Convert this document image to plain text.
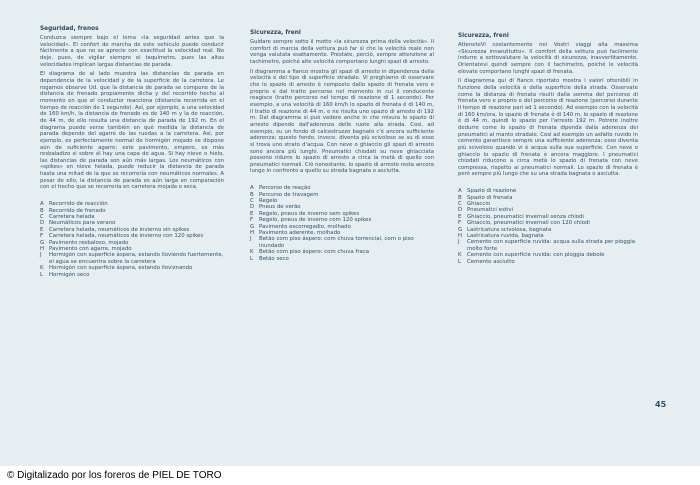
Seguridad, frenos

Conduzca siempre bajo el lema «la seguridad antes que la velocidad». El confort de marcha de este vehículo puede conducir fácilmente a que no se aprecie con exactitud la velocidad real. No deje, pues, de vigilar siempre el taquímetro, pues las altas velocidades implican largas distancias de parada.

El diagrama de al lado muestra las distancias de parada en dependencia de la velocidad y de la superficie de la carretera. Le rogamos observe Ud. que la distancia de parada se compone de la distancia de frenado propiamente dicha y del recorrido hecho al momento en que el conductor reacciona (distancia recorrida en el tiempo de reacción de 1 segundo). Así, por ejemplo, a una velocidad de 160 km/h, la distancia de frenado es de 140 m y la de reacción, de 44 m, de ello resulta una distancia de parada de 192 m. En el diagrama puede verse también en qué medida la distancia de parada depende del agarre de las ruedas a la carretera. Así, por ejemplo, es perfectamente normal de hormigón mojado se dispone aún de suficiente agarre; este pavimento, empero, es más resbaladizo si sobre él hay una capa de agua. Si hay nieve o hielo, las distancias de parada son aún más largas. Los neumáticos con «spikes» en nieve helada, puede reducir la distancia de parada hasta una mitad de la que se recorrería con neumáticos normales. A pesar de ello, la distancia de parada es aún larga en comparación con el trecho que se recorrería en carretera mojada o seca.

A Recorrido de reacción
B Recorrido de frenado
C Carretera helada
D Neumáticos para verano
E Carretera helada, neumáticos de invierno sin spikes
F Carretera helada, neumáticos de invierno con 120 spikes
G Pavimento resbaloso, mojado
H Pavimento con agarre, mojado
J Hormigón con superficie áspera, estando lloviendo fuertemente, el agua se encuentra sobre la carretera
K Hormigón con superficie áspera, estando lloviznando
L Hormigón seco
Sicurezza, freni

Guidare sempre sotto il motto «la sicurezza prima della velocità». Il comfort di marcia della vettura può far sì che la velocità reale non venga valutata esattamente. Prestate, perciò, sempre attenzione al tachimetro, poiché alte velocità comportano lunghi spazi di arresto.

Il diagramma a fianco mostra gli spazi di arresto in dipendenza della velocità e del tipo di superficie stradale. Vi preghiamo di osservare che lo spazio di arresto è composto dallo spazio di frenata vero e proprio e dal tratto percorso nel momento in cui il conducente reagisce (tratto percorso nel tempo di reazione di 1 secondo). Per esempio, a una velocità di 160 km/h lo spazio di frenata è di 140 m, il tratto di reazione di 44 m, e ne risulta uno spazio di arresto di 192 m. Dal diagramma si può vedere anche in che misura lo spazio di arresto dipende dall'aderenza delle ruote alla strada. Così, ad esempio, su un fondo di calcestruzzo bagnato c'è ancora sufficiente aderenza; questo fondo, invece, diventa più scivoloso se su di esso si trova uno strato d'acqua. Con neve o ghiaccio gli spazi di arresto sono ancora più lunghi. Pneumatici chiodati su neve ghiacciata possono ridurre lo spazio di arresto a circa la metà di quello con pneumatici normali. Ciò nonostante, lo spazio di arresto resta ancora lungo in confronto a quello su strada bagnata o asciutta.

A Percorso de reação
B Percurso de travagem
C Regelo
D Pneus de verão
E Regelo, pneus de inverno sem spikes
F Regelo, pneus de inverno com 120 spikes
G Pavimento escorregadio, molhado
H Pavimento aderente, molhado
J Betão com piso áspero: com chuva torrencial, com o piso inundado
K Betão com piso áspero: com chuva fraca
L Betão seco
Sicurezza, freni

AtteneteVi costantemente nei Vostri viaggi alla massima «Sicurezza innanzitutto». Il comfort della vettura può facilmente indurre a sottovalutare la velocità di sicurezza, inavvertitamente. Orientatevi quindi sempre con il tachimetro, poiché le velocità elevate comportano lunghi spazi di frenata.

Il diagramma qui di fianco riportato mostra i valori ottenibili in funzione della velocità e della superficie della strada. Osservate come la distanza di frenata risulti dalla somma del percorso di frenata vero e proprio e del percorso di reazione (percorso durante il tempo di reazione pari ad 1 secondo). Ad esempio con la velocità di 160 km/ora, lo spazio di frenata è di 140 m, lo spazio di reazione è di 44 m, quindi lo spazio per l'arresto 192 m. Potrete inoltre dedurre come lo spazio di frenata dipenda dalla aderenza dei pneumatici al manto stradale. Così ad esempio un asfalto ruvido in cemento garantisce sempre una sufficiente aderenza; esso diventa più scivoloso quando vi è acqua sulla sua superficie. Con neve o ghiaccio lo spazio di frenata è ancora maggiore. I pneumatici chiodati riducono a circa metà lo spazio di frenata con neve compressa, rispetto ai pneumatici normali. Lo spazio di frenata è però sempre più lungo che su una strada bagnata o asciutta.

A Spazio di reazione
B Spazio di frenata
C Ghiaccio
D Pneumatici estivi
E Ghiaccio, pneumatici invernali senza chiodi
F Ghiaccio, pneumatici invernali con 120 chiodi
G Lastricatura scivolosa, bagnata
H Lastricatura ruvida, bagnata
J Cemento con superficie ruvida: acqua sulla strada per pioggia molto forte
K Cemento con superficie ruvida: con pioggia debole
L Cemento asciutto
45
© Digitalizado por los foreros de PIEL DE TORO
